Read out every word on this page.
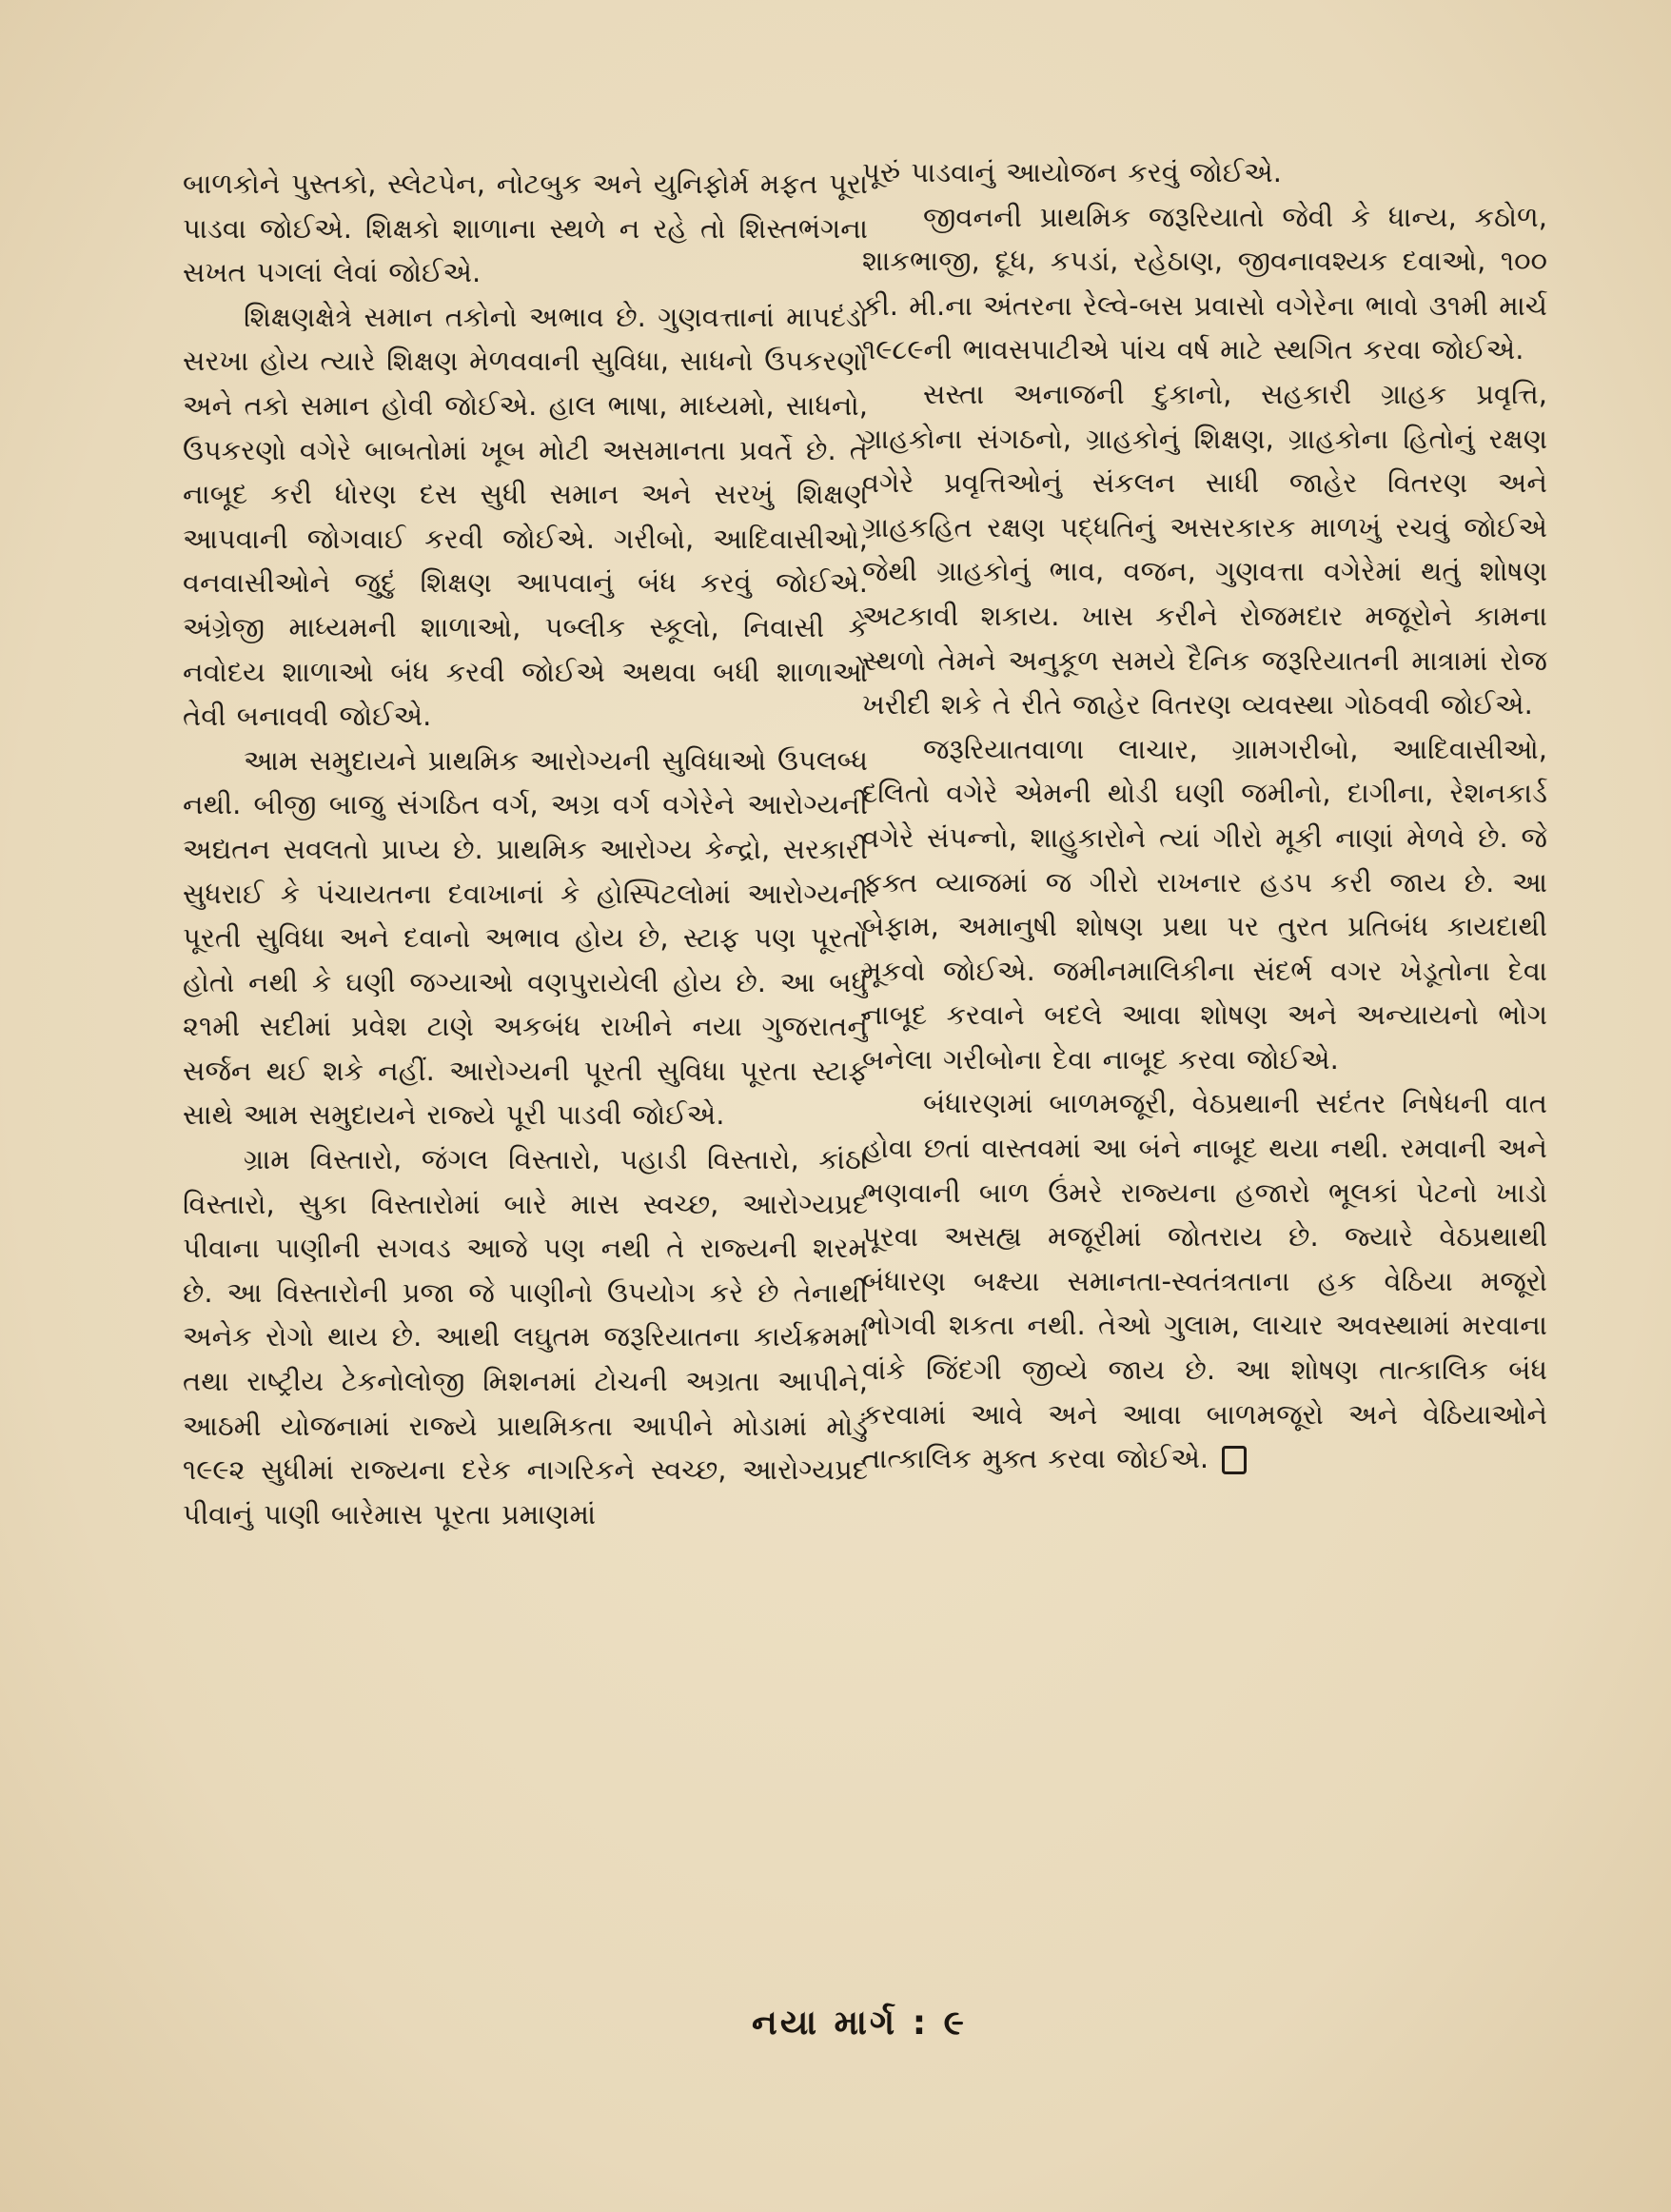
બાળકોને પુસ્તકો, સ્લેટપેન, નોટબુક અને યુનિફોર્મ મફત પૂરા પાડવા જોઈએ. શિક્ષકો શાળાના સ્થળે ન રહે તો શિસ્તભંગના સખત પગલાં લેવાં જોઈએ.

શિક્ષણક્ષેત્રે સમાન તકોનો અભાવ છે. ગુણવત્તાનાં માપદંડો સરખા હોય ત્યારે શિક્ષણ મેળવવાની સુવિધા, સાધનો ઉપકરણો અને તકો સમાન હોવી જોઈએ. હાલ ભાષા, માધ્યમો, સાધનો, ઉપકરણો વગેરે બાબતોમાં ખૂબ મોટી અસમાનતા પ્રવર્તે છે. તે નાબૂદ કરી ધોરણ દસ સુધી સમાન અને સરખું શિક્ષણ આપવાની જોગવાઈ કરવી જોઈએ. ગરીબો, આદિવાસીઓ, વનવાસીઓને જુદું શિક્ષણ આપવાનું બંધ કરવું જોઈએ. અંગ્રેજી માધ્યમની શાળાઓ, પબ્લીક સ્કૂલો, નિવાસી કે નવોદય શાળાઓ બંધ કરવી જોઈએ અથવા બધી શાળાઓ તેવી બનાવવી જોઈએ.

આમ સમુદાયને પ્રાથમિક આરોગ્યની સુવિધાઓ ઉપલબ્ધ નથી. બીજી બાજુ સંગઠિત વર્ગ, અગ્ર વર્ગ વગેરેને આરોગ્યની અદ્યતન સવલતો પ્રાપ્ય છે. પ્રાથમિક આરોગ્ય કેન્દ્રો, સરકારી સુધરાઈ કે પંચાયતના દવાખાનાં કે હોસ્પિટલોમાં આરોગ્યની પૂરતી સુવિધા અને દવાનો અભાવ હોય છે, સ્ટાફ પણ પૂરતો હોતો નથી કે ઘણી જગ્યાઓ વણપુરાયેલી હોય છે. આ બધું ૨૧મી સદીમાં પ્રવેશ ટાણે અકબંધ રાખીને નયા ગુજરાતનું સર્જન થઈ શકે નહીં. આરોગ્યની પૂરતી સુવિધા પૂરતા સ્ટાફ સાથે આમ સમુદાયને રાજ્યે પૂરી પાડવી જોઈએ.

ગ્રામ વિસ્તારો, જંગલ વિસ્તારો, પહાડી વિસ્તારો, કાંઠા વિસ્તારો, સુકા વિસ્તારોમાં બારે માસ સ્વચ્છ, આરોગ્યપ્રદ પીવાના પાણીની સગવડ આજે પણ નથી તે રાજ્યની શરમ છે. આ વિસ્તારોની પ્રજા જે પાણીનો ઉપયોગ કરે છે તેનાથી અનેક રોગો થાય છે. આથી લઘુતમ જરૂરિયાતના કાર્યક્રમમાં તથા રાષ્ટ્રીય ટેકનોલોજી મિશનમાં ટોચની અગ્રતા આપીને, આઠમી યોજનામાં રાજ્યે પ્રાથમિકતા આપીને મોડામાં મોડું ૧૯૯૨ સુધીમાં રાજ્યના દરેક નાગરિકને સ્વચ્છ, આરોગ્યપ્રદ પીવાનું પાણી બારેમાસ પૂરતા પ્રમાણમાં

પૂરું પાડવાનું આયોજન કરવું જોઈએ.

જીવનની પ્રાથમિક જરૂરિયાતો જેવી કે ધાન્ય, કઠોળ, શાકભાજી, દૂધ, કપડાં, રહેઠાણ, જીવનાવશ્યક દવાઓ, ૧૦૦ કી. મી.ના અંતરના રેલ્વે-બસ પ્રવાસો વગેરેના ભાવો ૩૧મી માર્ચ ૧૯૮૯ની ભાવસપાટીએ પાંચ વર્ષ માટે સ્થગિત કરવા જોઈએ.

સસ્તા અનાજની દુકાનો, સહકારી ગ્રાહક પ્રવૃત્તિ, ગ્રાહકોના સંગઠનો, ગ્રાહકોનું શિક્ષણ, ગ્રાહકોના હિતોનું રક્ષણ વગેરે પ્રવૃત્તિઓનું સંકલન સાધી જાહેર વિતરણ અને ગ્રાહકહિત રક્ષણ પદ્ધતિનું અસરકારક માળખું રચવું જોઈએ જેથી ગ્રાહકોનું ભાવ, વજન, ગુણવત્તા વગેરેમાં થતું શોષણ અટકાવી શકાય. ખાસ કરીને રોજમદાર મજૂરોને કામના સ્થળો તેમને અનુકૂળ સમયે દૈનિક જરૂરિયાતની માત્રામાં રોજ ખરીદી શકે તે રીતે જાહેર વિતરણ વ્યવસ્થા ગોઠવવી જોઈએ.

જરૂરિયાતવાળા લાચાર, ગ્રામગરીબો, આદિવાસીઓ, દલિતો વગેરે એમની થોડી ઘણી જમીનો, દાગીના, રેશનકાર્ડ વગેરે સંપન્નો, શાહુકારોને ત્યાં ગીરો મૂકી નાણાં મેળવે છે. જે ફક્ત વ્યાજમાં જ ગીરો રાખનાર હડપ કરી જાય છે. આ બેફામ, અમાનુષી શોષણ પ્રથા પર તુરત પ્રતિબંધ કાયદાથી મૂકવો જોઈએ. જમીનમાલિકીના સંદર્ભ વગર ખેડૂતોના દેવા નાબૂદ કરવાને બદલે આવા શોષણ અને અન્યાયનો ભોગ બનેલા ગરીબોના દેવા નાબૂદ કરવા જોઈએ.

બંધારણમાં બાળમજૂરી, વેઠપ્રથાની સદંતર નિષેધની વાત હોવા છતાં વાસ્તવમાં આ બંને નાબૂદ થયા નથી. રમવાની અને ભણવાની બાળ ઉંમરે રાજ્યના હજારો ભૂલકાં પેટનો ખાડો પૂરવા અસહ્ય મજૂરીમાં જોતરાય છે. જ્યારે વેઠપ્રથાથી બંધારણ બક્ષ્યા સમાનતા-સ્વતંત્રતાના હક વેઠિયા મજૂરો ભોગવી શકતા નથી. તેઓ ગુલામ, લાચાર અવસ્થામાં મરવાના વાંકે જિંદગી જીવ્યે જાય છે. આ શોષણ તાત્કાલિક બંધ કરવામાં આવે અને આવા બાળમજૂરો અને વેઠિયાઓને તાત્કાલિક મુક્ત કરવા જોઈએ.

નયા માર્ગ : ૯
